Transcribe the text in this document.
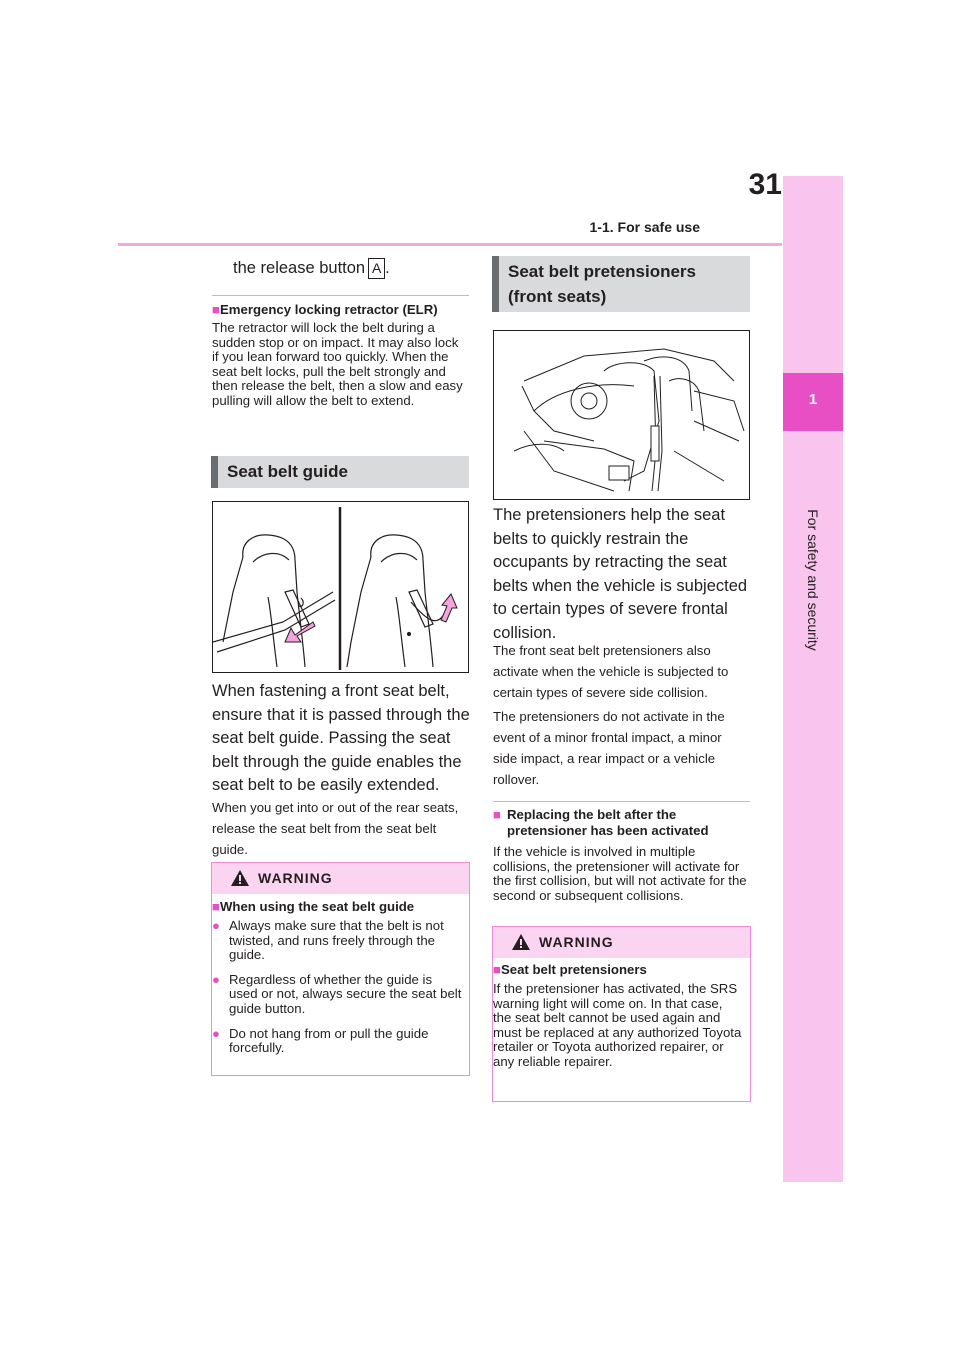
31
1-1. For safe use
1
For safety and security
the release button A .
■Emergency locking retractor (ELR)
The retractor will lock the belt during a sudden stop or on impact. It may also lock if you lean forward too quickly. When the seat belt locks, pull the belt strongly and then release the belt, then a slow and easy pulling will allow the belt to extend.
Seat belt guide
When fastening a front seat belt, ensure that it is passed through the seat belt guide. Passing the seat belt through the guide enables the seat belt to be easily extended.
When you get into or out of the rear seats, release the seat belt from the seat belt guide.
WARNING
■When using the seat belt guide
● Always make sure that the belt is not twisted, and runs freely through the guide.
● Regardless of whether the guide is used or not, always secure the seat belt guide button.
● Do not hang from or pull the guide forcefully.
Seat belt pretensioners
(front seats)
The pretensioners help the seat belts to quickly restrain the occupants by retracting the seat belts when the vehicle is subjected to certain types of severe frontal collision.
The front seat belt pretensioners also activate when the vehicle is subjected to certain types of severe side collision.
The pretensioners do not activate in the event of a minor frontal impact, a minor side impact, a rear impact or a vehicle rollover.
■ Replacing the belt after the pretensioner has been activated
If the vehicle is involved in multiple collisions, the pretensioner will activate for the first collision, but will not activate for the second or subsequent collisions.
WARNING
■Seat belt pretensioners
If the pretensioner has activated, the SRS warning light will come on. In that case, the seat belt cannot be used again and must be replaced at any authorized Toyota retailer or Toyota authorized repairer, or any reliable repairer.
